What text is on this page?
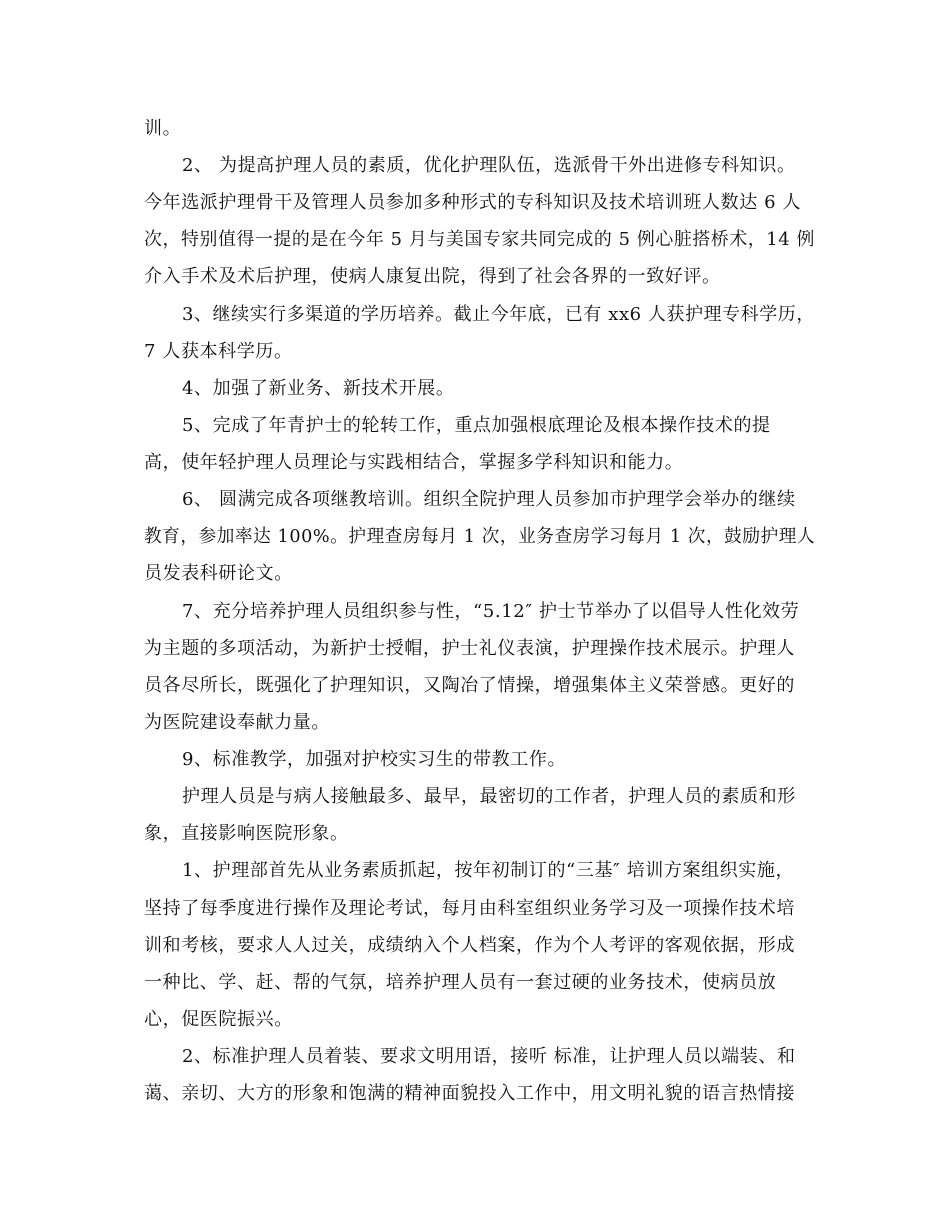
训。
2、 为提高护理人员的素质，优化护理队伍，选派骨干外出进修专科知识。
今年选派护理骨干及管理人员参加多种形式的专科知识及技术培训班人数达 6 人
次，特别值得一提的是在今年 5 月与美国专家共同完成的 5 例心脏搭桥术，14 例
介入手术及术后护理，使病人康复出院，得到了社会各界的一致好评。
3、继续实行多渠道的学历培养。截止今年底，已有 xx6 人获护理专科学历，
7 人获本科学历。
4、加强了新业务、新技术开展。
5、完成了年青护士的轮转工作，重点加强根底理论及根本操作技术的提
高，使年轻护理人员理论与实践相结合，掌握多学科知识和能力。
6、 圆满完成各项继教培训。组织全院护理人员参加市护理学会举办的继续
教育，参加率达 100%。护理查房每月 1 次，业务查房学习每月 1 次，鼓励护理人
员发表科研论文。
7、充分培养护理人员组织参与性，“5.12″ 护士节举办了以倡导人性化效劳
为主题的多项活动，为新护士授帽，护士礼仪表演，护理操作技术展示。护理人
员各尽所长，既强化了护理知识，又陶冶了情操，增强集体主义荣誉感。更好的
为医院建设奉献力量。
9、标准教学，加强对护校实习生的带教工作。
护理人员是与病人接触最多、最早，最密切的工作者，护理人员的素质和形
象，直接影响医院形象。
1、护理部首先从业务素质抓起，按年初制订的“三基″ 培训方案组织实施，
坚持了每季度进行操作及理论考试，每月由科室组织业务学习及一项操作技术培
训和考核，要求人人过关，成绩纳入个人档案，作为个人考评的客观依据，形成
一种比、学、赶、帮的气氛，培养护理人员有一套过硬的业务技术，使病员放
心，促医院振兴。
2、标准护理人员着装、要求文明用语，接听 标准，让护理人员以端装、和
蔼、亲切、大方的形象和饱满的精神面貌投入工作中，用文明礼貌的语言热情接
